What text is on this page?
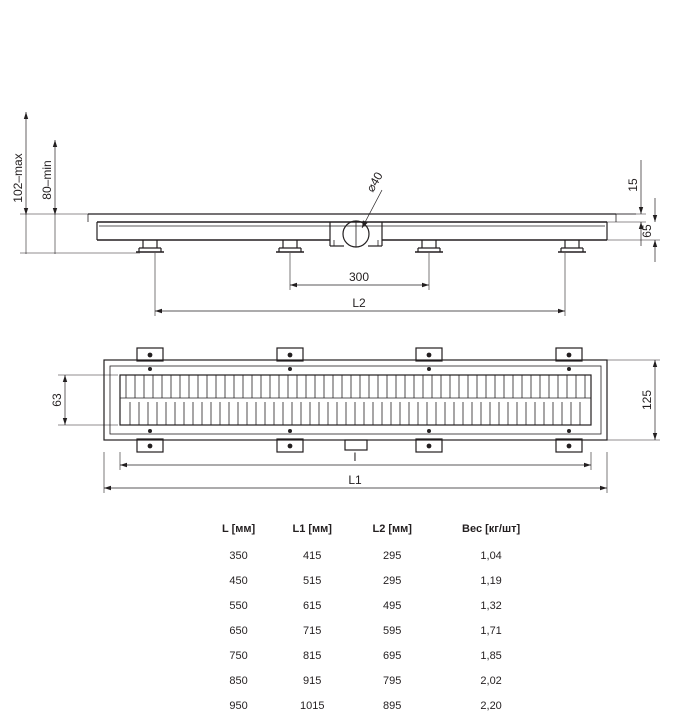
102–max 80–min	15
65
⌀40
300
L2
63	125
l
L1
L [мм]	L1 [мм]	L2 [мм]	Вес [кг/шт]
350	415	295	1,04
450	515	295	1,19
550	615	495	1,32
650	715	595	1,71
750	815	695	1,85
850	915	795	2,02
950	1015	895	2,20
